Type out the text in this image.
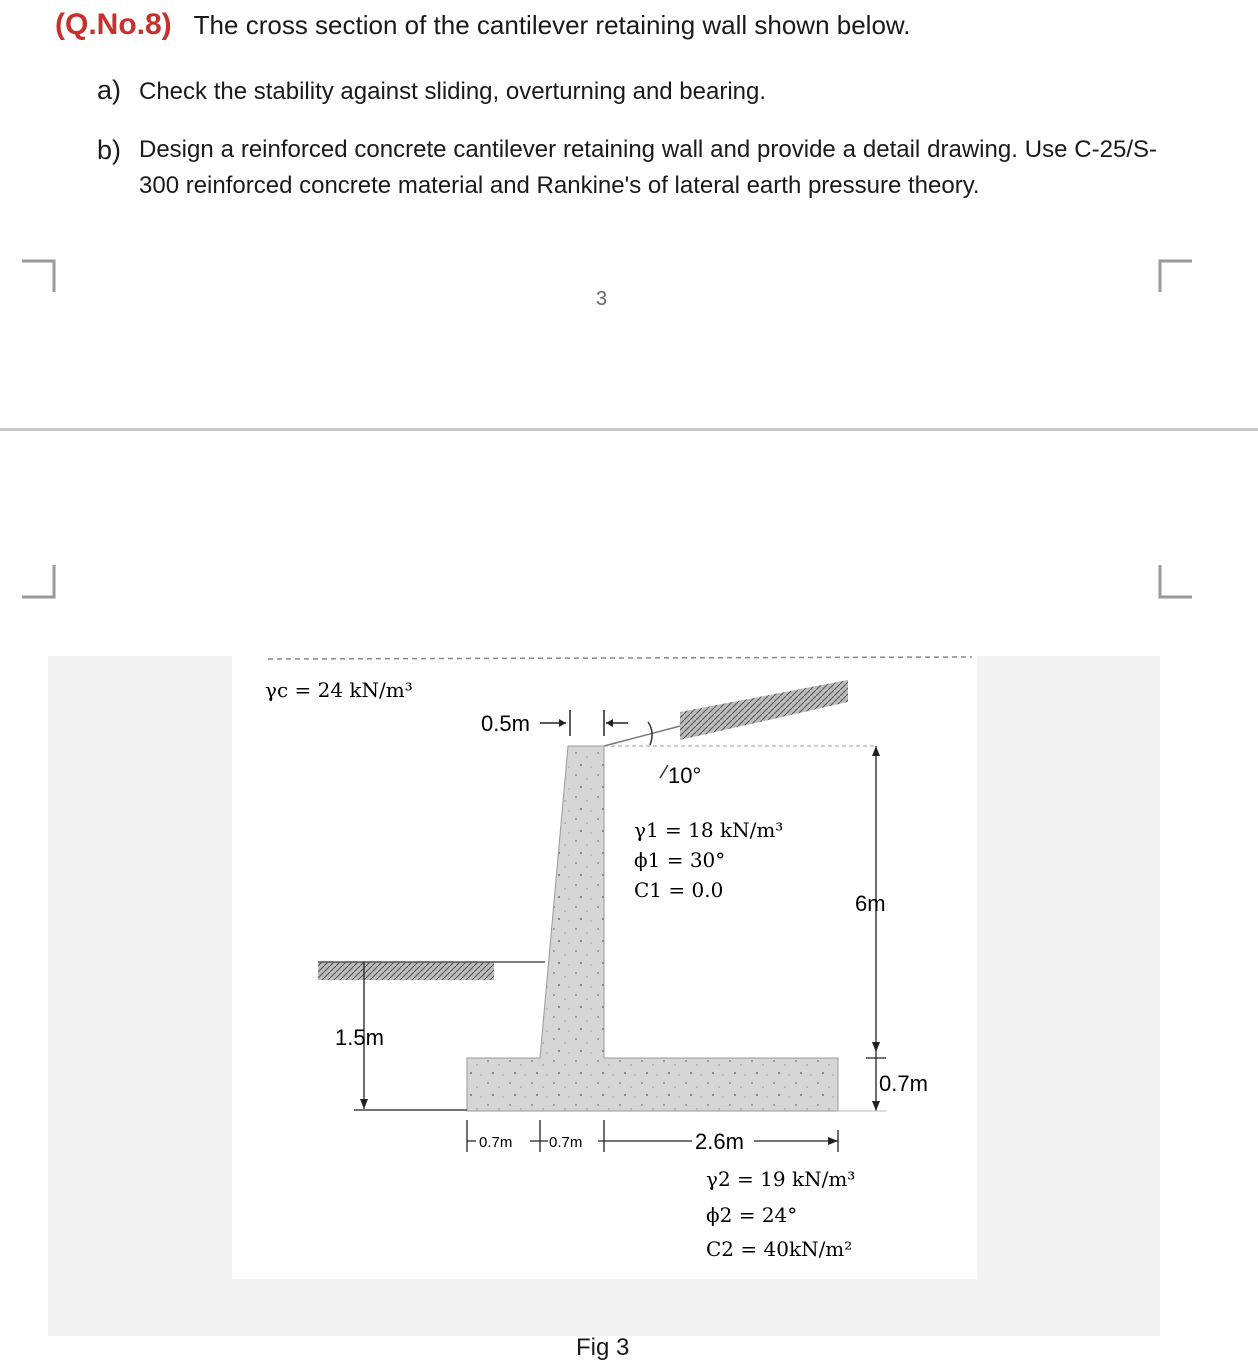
(Q.No.8) The cross section of the cantilever retaining wall shown below.
a) Check the stability against sliding, overturning and bearing.
b) Design a reinforced concrete cantilever retaining wall and provide a detail drawing. Use C-25/S-300 reinforced concrete material and Rankine's of lateral earth pressure theory.
3
γc = 24 kN/m³
0.5m
10°
γ1 = 18 kN/m³
ϕ1 = 30°
C1 = 0.0
6m
1.5m
0.7m
0.7m 0.7m	2.6m
γ2 = 19 kN/m³
ϕ2 = 24°
C2 = 40kN/m²
Fig 3
